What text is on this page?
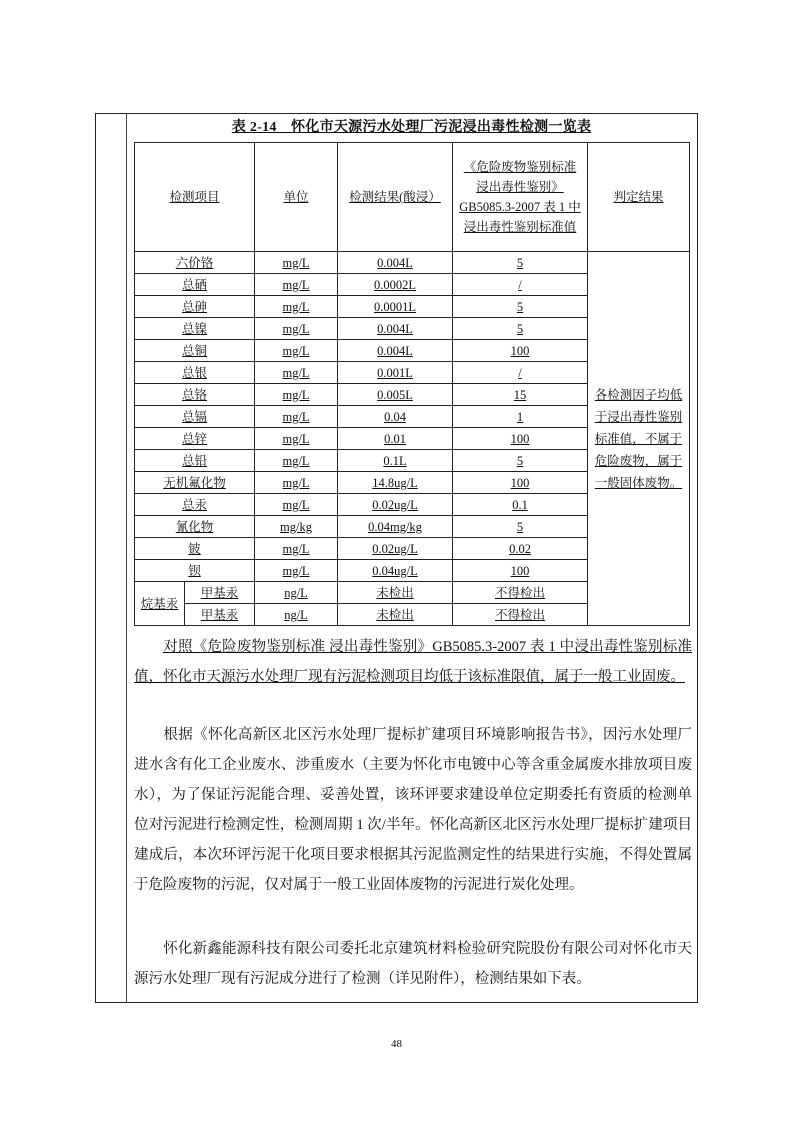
表 2-14　怀化市天源污水处理厂污泥浸出毒性检测一览表
检测项目		单位	检测结果(酸浸）	《危险废物鉴别标准 浸出毒性鉴别》GB5085.3-2007 表 1 中浸出毒性鉴别标准值	判定结果
六价铬		mg/L	0.004L	5	各检测因子均低于浸出毒性鉴别标准值，不属于危险废物，属于一般固体废物。
总硒		mg/L	0.0002L	/	
总砷		mg/L	0.0001L	5	
总镍		mg/L	0.004L	5	
总铜		mg/L	0.004L	100	
总银		mg/L	0.001L	/	
总铬		mg/L	0.005L	15	
总镉		mg/L	0.04	1	
总锌		mg/L	0.01	100	
总铅		mg/L	0.1L	5	
无机氟化物		mg/L	14.8ug/L	100	
总汞		mg/L	0.02ug/L	0.1	
氰化物		mg/kg	0.04mg/kg	5	
铍		mg/L	0.02ug/L	0.02	
钡		mg/L	0.04ug/L	100	
烷基汞	甲基汞	ng/L	未检出	不得检出	
	甲基汞	ng/L	未检出	不得检出	
对照《危险废物鉴别标准 浸出毒性鉴别》GB5085.3-2007 表 1 中浸出毒性鉴别标准值，怀化市天源污水处理厂现有污泥检测项目均低于该标准限值，属于一般工业固废。
根据《怀化高新区北区污水处理厂提标扩建项目环境影响报告书》，因污水处理厂进水含有化工企业废水、涉重废水（主要为怀化市电镀中心等含重金属废水排放项目废水），为了保证污泥能合理、妥善处置，该环评要求建设单位定期委托有资质的检测单位对污泥进行检测定性，检测周期 1 次/半年。怀化高新区北区污水处理厂提标扩建项目建成后，本次环评污泥干化项目要求根据其污泥监测定性的结果进行实施，不得处置属于危险废物的污泥，仅对属于一般工业固体废物的污泥进行炭化处理。
怀化新鑫能源科技有限公司委托北京建筑材料检验研究院股份有限公司对怀化市天源污水处理厂现有污泥成分进行了检测（详见附件），检测结果如下表。
48
